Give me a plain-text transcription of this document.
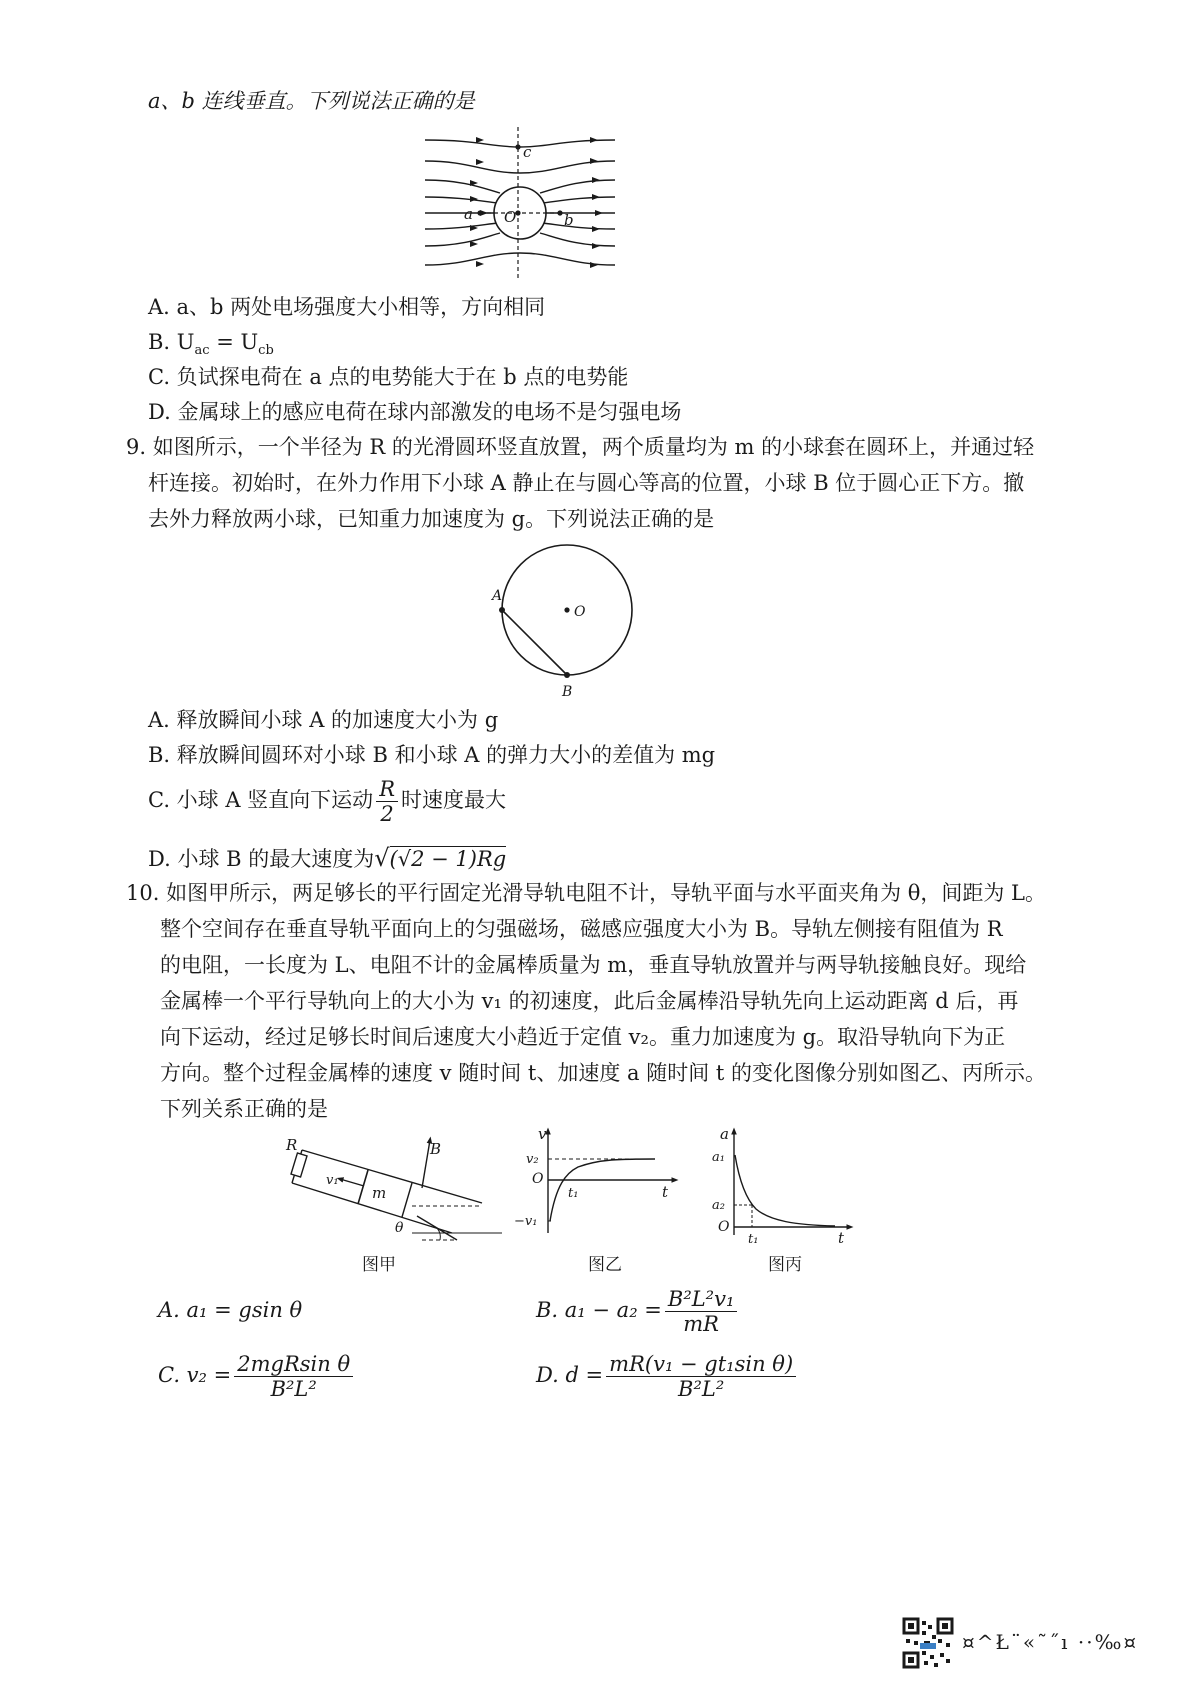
a、b 连线垂直。下列说法正确的是
c
a O	b
A. a、b 两处电场强度大小相等，方向相同
B. $U_{ac} = U_{cb}$
C. 负试探电荷在 a 点的电势能大于在 b 点的电势能
D. 金属球上的感应电荷在球内部激发的电场不是匀强电场
9. 如图所示，一个半径为 R 的光滑圆环竖直放置，两个质量均为 m 的小球套在圆环上，并通过轻
杆连接。初始时，在外力作用下小球 A 静止在与圆心等高的位置，小球 B 位于圆心正下方。撤
去外力释放两小球，已知重力加速度为 g。下列说法正确的是
A
O
B
A. 释放瞬间小球 A 的加速度大小为 g
B. 释放瞬间圆环对小球 B 和小球 A 的弹力大小的差值为 mg
C. 小球 A 竖直向下运动 $\frac{R}{2}$ 时速度最大
D. 小球 B 的最大速度为√(√2 − 1)Rg
10. 如图甲所示，两足够长的平行固定光滑导轨电阻不计，导轨平面与水平面夹角为 θ，间距为 L。
整个空间存在垂直导轨平面向上的匀强磁场，磁感应强度大小为 B。导轨左侧接有阻值为 R
的电阻，一长度为 L、电阻不计的金属棒质量为 m，垂直导轨放置并与两导轨接触良好。现给
金属棒一个平行导轨向上的大小为 v₁ 的初速度，此后金属棒沿导轨先向上运动距离 d 后，再
向下运动，经过足够长时间后速度大小趋近于定值 v₂。重力加速度为 g。取沿导轨向下为正
方向。整个过程金属棒的速度 v 随时间 t、加速度 a 随时间 t 的变化图像分别如图乙、丙所示。
下列关系正确的是
R	B
v₁
m
θ
图甲
v
v₂
O
t₁	t
−v₁
图乙
a
a₁
a₂
O
t₁	t
图丙
A. a₁ = gsin θ	B. $a_1 - a_2 = \frac{\text{B²L²v₁}}{mR}$
C. $v_2 = \frac{\text{2mgRsin θ}}{\text{B²L²}}$	D. $d = \frac{\text{mR(v₁ − gt₁sin θ)}}{\text{B²L²}}$
¤^Ł¨«˜˝ı ··‰¤
